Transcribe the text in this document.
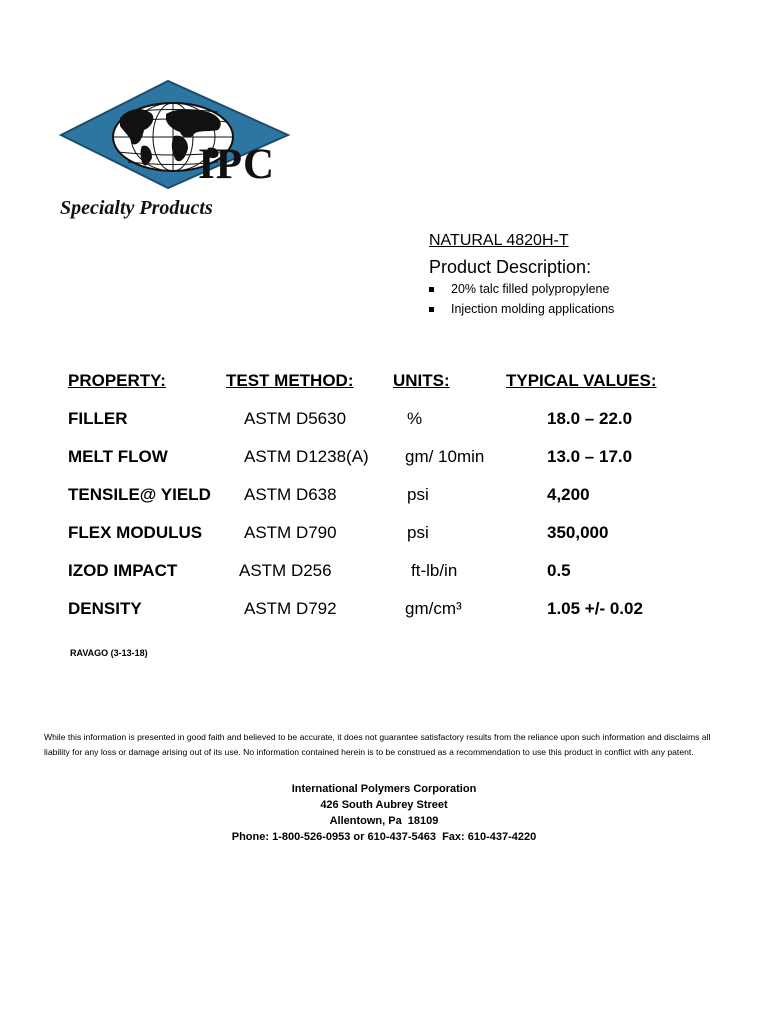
IPC
Specialty Products
NATURAL 4820H-T
Product Description:
20% talc filled polypropylene
Injection molding applications
PROPERTY:	TEST METHOD: UNITS:	TYPICAL VALUES:
FILLER	ASTM D5630	%	18.0 – 22.0
MELT FLOW	ASTM D1238(A) gm/ 10min	13.0 – 17.0
TENSILE@ YIELD ASTM D638	psi	4,200
FLEX MODULUS ASTM D790	psi	350,000
IZOD IMPACT	ASTM D256	ft-lb/in	0.5
DENSITY	ASTM D792	gm/cm³	1.05 +/- 0.02
RAVAGO (3-13-18)
While this information is presented in good faith and believed to be accurate, it does not guarantee satisfactory results from the reliance upon such information and disclaims all liability for any loss or damage arising out of its use. No information contained herein is to be construed as a recommendation to use this product in conflict with any patent.
International Polymers Corporation
426 South Aubrey Street
Allentown, Pa  18109
Phone: 1-800-526-0953 or 610-437-5463  Fax: 610-437-4220
